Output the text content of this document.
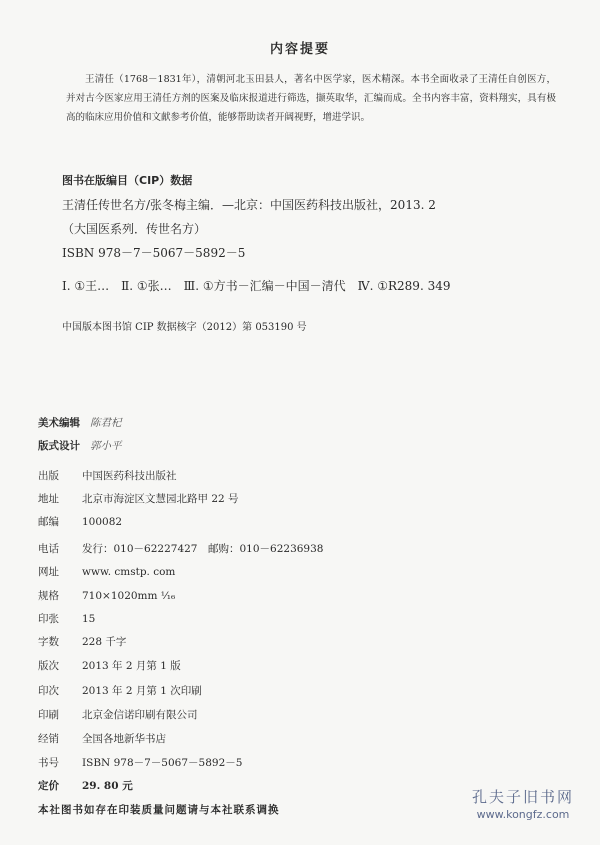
内容提要
王清任（1768－1831年），清朝河北玉田县人，著名中医学家，医术精深。本书全面收录了王清任自创医方，并对古今医家应用王清任方剂的医案及临床报道进行筛选，撷英取华，汇编而成。全书内容丰富，资料翔实，具有极高的临床应用价值和文献参考价值，能够帮助读者开阔视野，增进学识。
图书在版编目（CIP）数据
王清任传世名方/张冬梅主编．—北京：中国医药科技出版社，2013. 2
（大国医系列．传世名方）
ISBN 978－7－5067－5892－5
Ⅰ. ①王…　Ⅱ. ①张…　Ⅲ. ①方书－汇编－中国－清代　Ⅳ. ①R289. 349
中国版本图书馆 CIP 数据核字（2012）第 053190 号
美术编辑 陈君杞
版式设计 郭小平
出版 中国医药科技出版社
地址 北京市海淀区文慧园北路甲 22 号
邮编 100082
电话 发行：010－62227427　邮购：010－62236938
网址 www. cmstp. com
规格 710×1020mm ¹⁄₁₆
印张 15
字数 228 千字
版次 2013 年 2 月第 1 版
印次 2013 年 2 月第 1 次印刷
印刷 北京金信诺印刷有限公司
经销 全国各地新华书店
书号 ISBN 978－7－5067－5892－5
定价 29. 80 元
本社图书如存在印装质量问题请与本社联系调换
孔夫子旧书网
www.kongfz.com
